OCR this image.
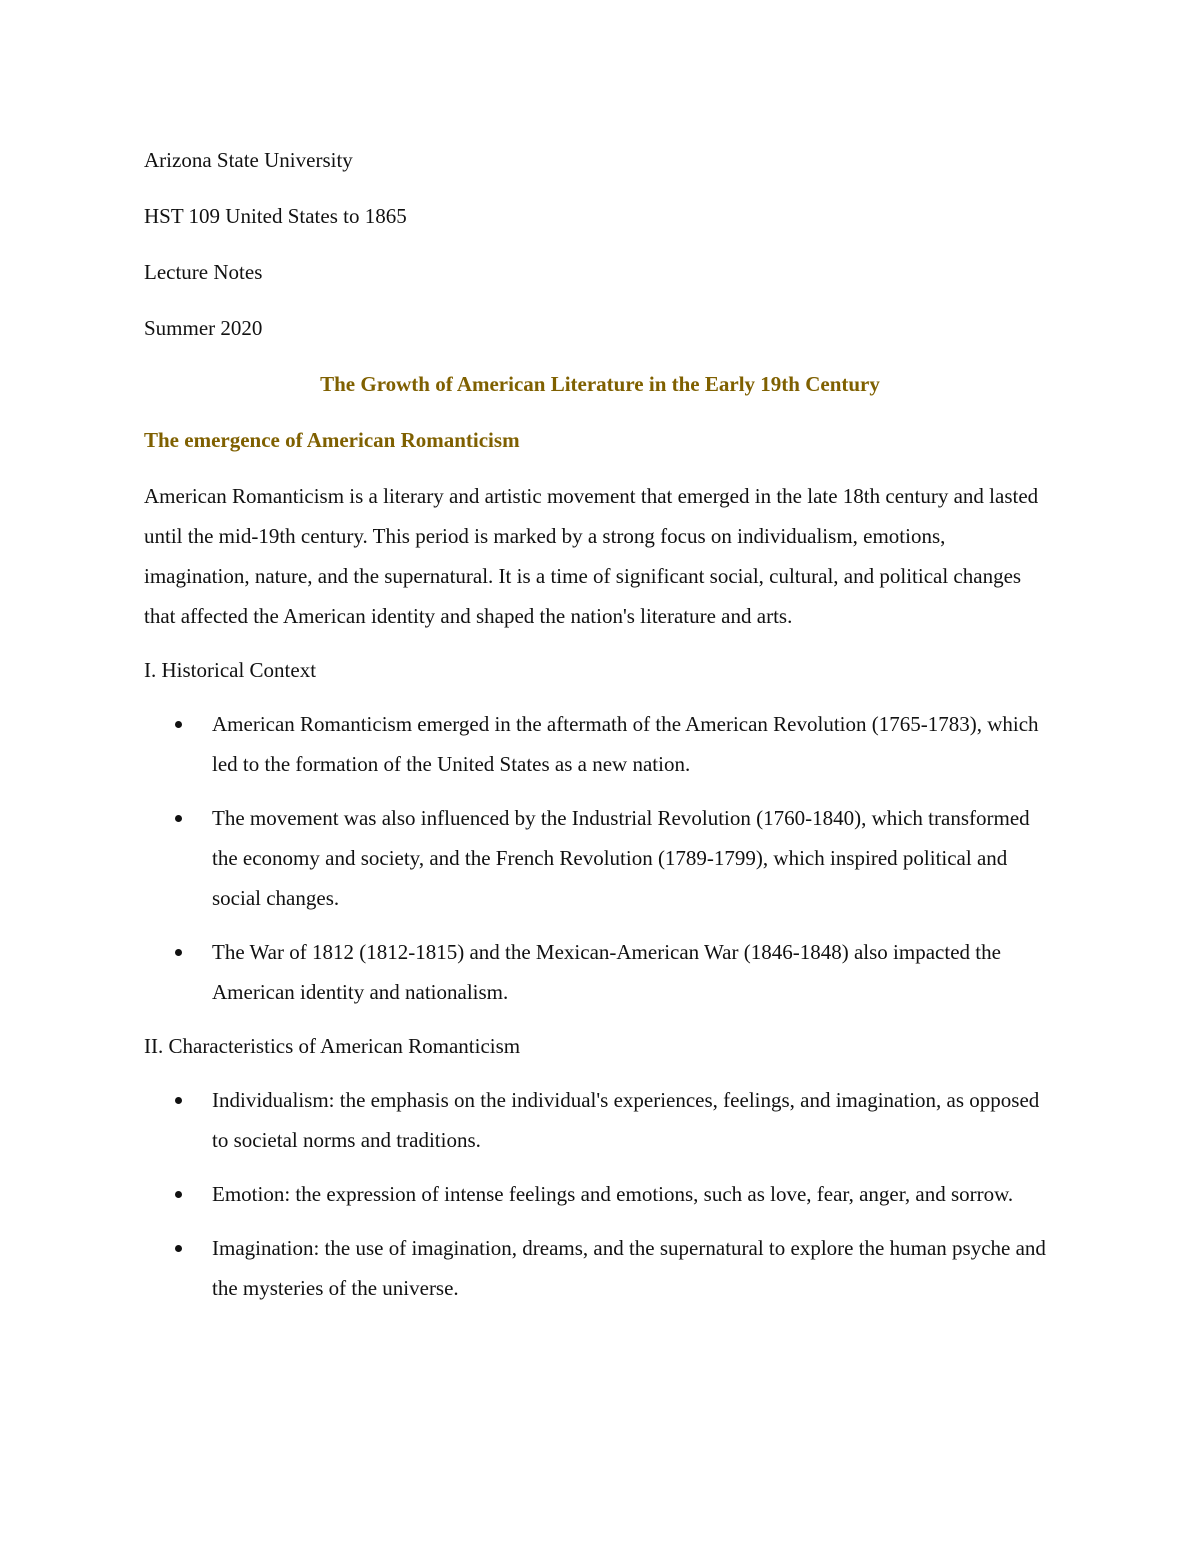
Arizona State University
HST 109 United States to 1865
Lecture Notes
Summer 2020
The Growth of American Literature in the Early 19th Century
The emergence of American Romanticism

American Romanticism is a literary and artistic movement that emerged in the late 18th century and lasted until the mid-19th century. This period is marked by a strong focus on individualism, emotions, imagination, nature, and the supernatural. It is a time of significant social, cultural, and political changes that affected the American identity and shaped the nation's literature and arts.

I. Historical Context
American Romanticism emerged in the aftermath of the American Revolution (1765-1783), which led to the formation of the United States as a new nation.
The movement was also influenced by the Industrial Revolution (1760-1840), which transformed the economy and society, and the French Revolution (1789-1799), which inspired political and social changes.
The War of 1812 (1812-1815) and the Mexican-American War (1846-1848) also impacted the American identity and nationalism.
II. Characteristics of American Romanticism
Individualism: the emphasis on the individual's experiences, feelings, and imagination, as opposed to societal norms and traditions.
Emotion: the expression of intense feelings and emotions, such as love, fear, anger, and sorrow.
Imagination: the use of imagination, dreams, and the supernatural to explore the human psyche and the mysteries of the universe.
